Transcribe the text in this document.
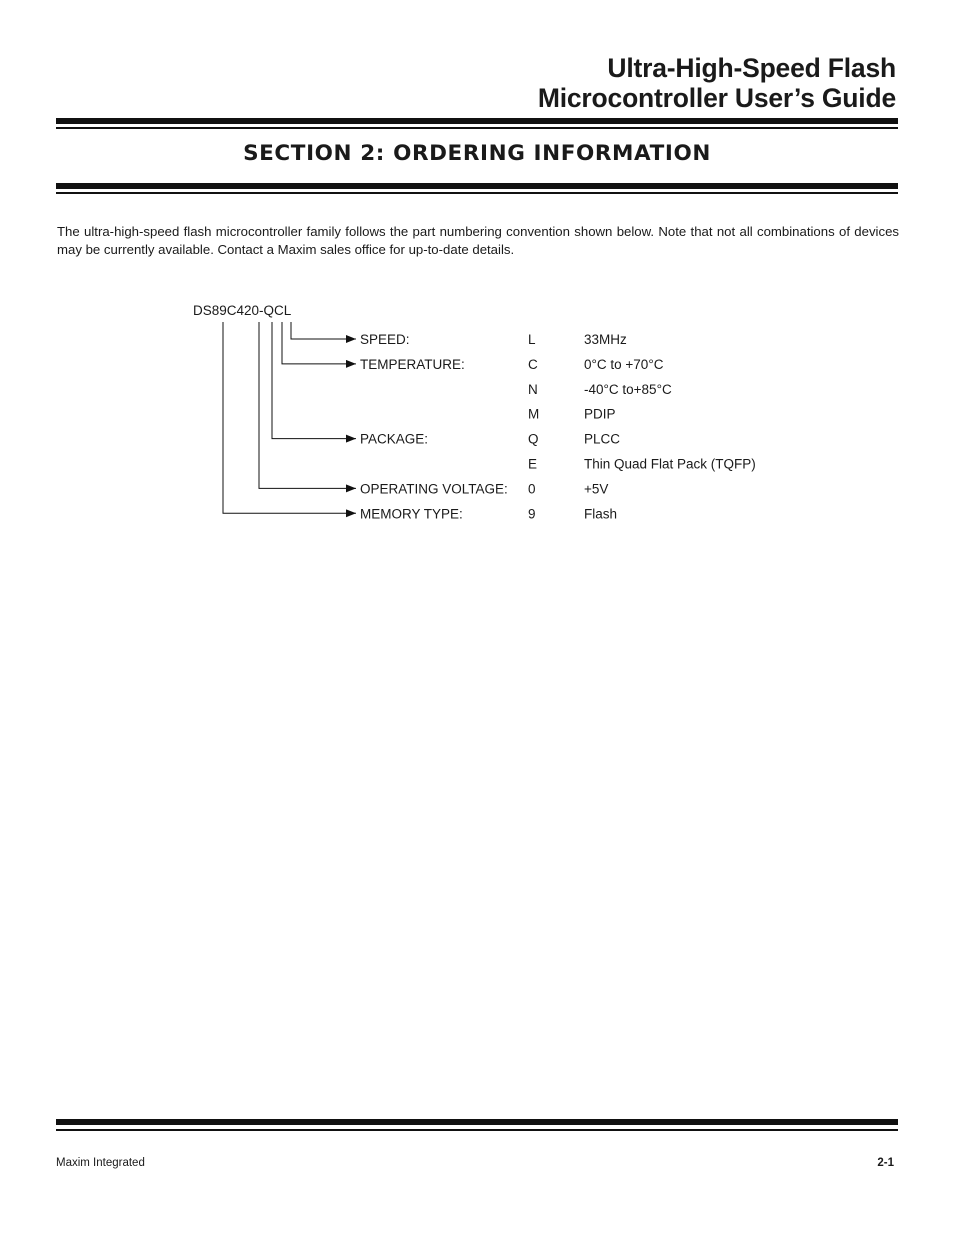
Ultra-High-Speed Flash
Microcontroller User’s Guide
SECTION 2: ORDERING INFORMATION

The ultra-high-speed flash microcontroller family follows the part numbering convention shown below. Note that not all combinations of devices may be currently available. Contact a Maxim sales office for up-to-date details.

DS89C420-QCL
SPEED:	L	33MHz
TEMPERATURE:	C	0°C to +70°C
N	-40°C to+85°C
M	PDIP
PACKAGE:	Q	PLCC
E	Thin Quad Flat Pack (TQFP)
OPERATING VOLTAGE: 0	+5V
MEMORY TYPE:	9	Flash
Maxim Integrated	2-1
